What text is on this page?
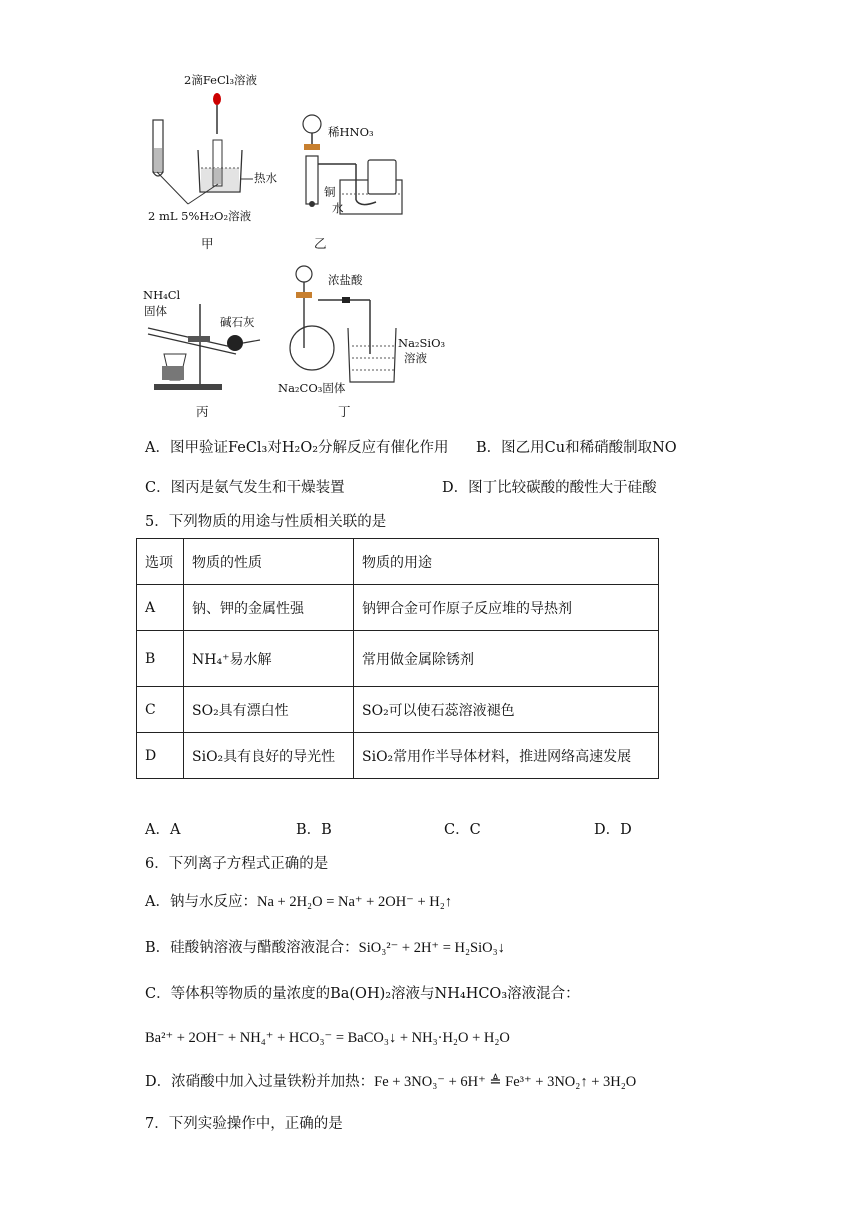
2滴FeCl₃溶液
热水
2 mL 5%H₂O₂溶液
甲
稀HNO₃
铜
水
乙
NH₄Cl
固体
碱石灰
丙
浓盐酸
Na₂SiO₃
溶液
Na₂CO₃固体
丁
A．图甲验证FeCl₃对H₂O₂分解反应有催化作用 B．图乙用Cu和稀硝酸制取NO
C．图丙是氨气发生和干燥装置	D．图丁比较碳酸的酸性大于硅酸
5．下列物质的用途与性质相关联的是
选项	物质的性质	物质的用途
A	钠、钾的金属性强	钠钾合金可作原子反应堆的导热剂
B	NH₄⁺易水解	常用做金属除锈剂
C	SO₂具有漂白性	SO₂可以使石蕊溶液褪色
D	SiO₂具有良好的导光性	SiO₂常用作半导体材料，推进网络高速发展
A．A	B．B	C．C	D．D
6．下列离子方程式正确的是
A．钠与水反应：Na + 2H₂O = Na⁺ + 2OH⁻ + H₂↑
B．硅酸钠溶液与醋酸溶液混合：SiO₃²⁻ + 2H⁺ = H₂SiO₃↓
C．等体积等物质的量浓度的Ba(OH)₂溶液与NH₄HCO₃溶液混合：
Ba²⁺ + 2OH⁻ + NH₄⁺ + HCO₃⁻ = BaCO₃↓ + NH₃·H₂O + H₂O
D．浓硝酸中加入过量铁粉并加热：Fe + 3NO₃⁻ + 6H⁺ ≜ Fe³⁺ + 3NO₂↑ + 3H₂O
7．下列实验操作中，正确的是
